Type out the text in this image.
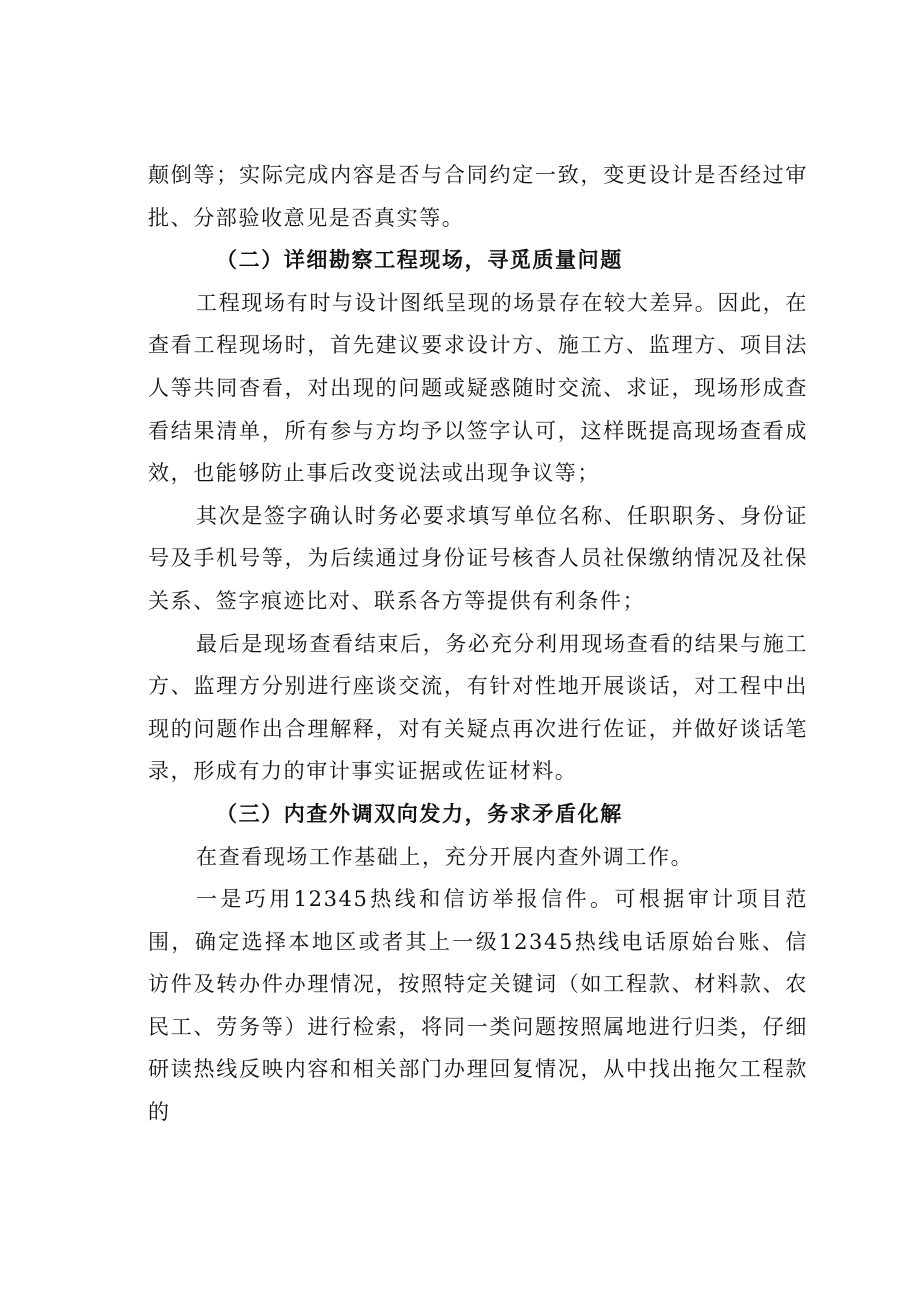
颠倒等；实际完成内容是否与合同约定一致，变更设计是否经过审批、分部验收意见是否真实等。

（二）详细勘察工程现场，寻觅质量问题

工程现场有时与设计图纸呈现的场景存在较大差异。因此，在查看工程现场时，首先建议要求设计方、施工方、监理方、项目法人等共同杳看，对出现的问题或疑惑随时交流、求证，现场形成查看结果清单，所有参与方均予以签字认可，这样既提高现场查看成效，也能够防止事后改变说法或出现争议等；

其次是签字确认时务必要求填写单位名称、任职职务、身份证号及手机号等，为后续通过身份证号核杳人员社保缴纳情况及社保关系、签字痕迹比对、联系各方等提供有利条件；

最后是现场查看结束后，务必充分利用现场查看的结果与施工方、监理方分别进行座谈交流，有针对性地开展谈话，对工程中出现的问题作出合理解释，对有关疑点再次进行佐证，并做好谈话笔录，形成有力的审计事实证据或佐证材料。

（三）内查外调双向发力，务求矛盾化解

在查看现场工作基础上，充分开展内查外调工作。

一是巧用12345热线和信访举报信件。可根据审计项目范围，确定选择本地区或者其上一级12345热线电话原始台账、信访件及转办件办理情况，按照特定关键词（如工程款、材料款、农民工、劳务等）进行检索，将同一类问题按照属地进行归类，仔细研读热线反映内容和相关部门办理回复情况，从中找出拖欠工程款的
